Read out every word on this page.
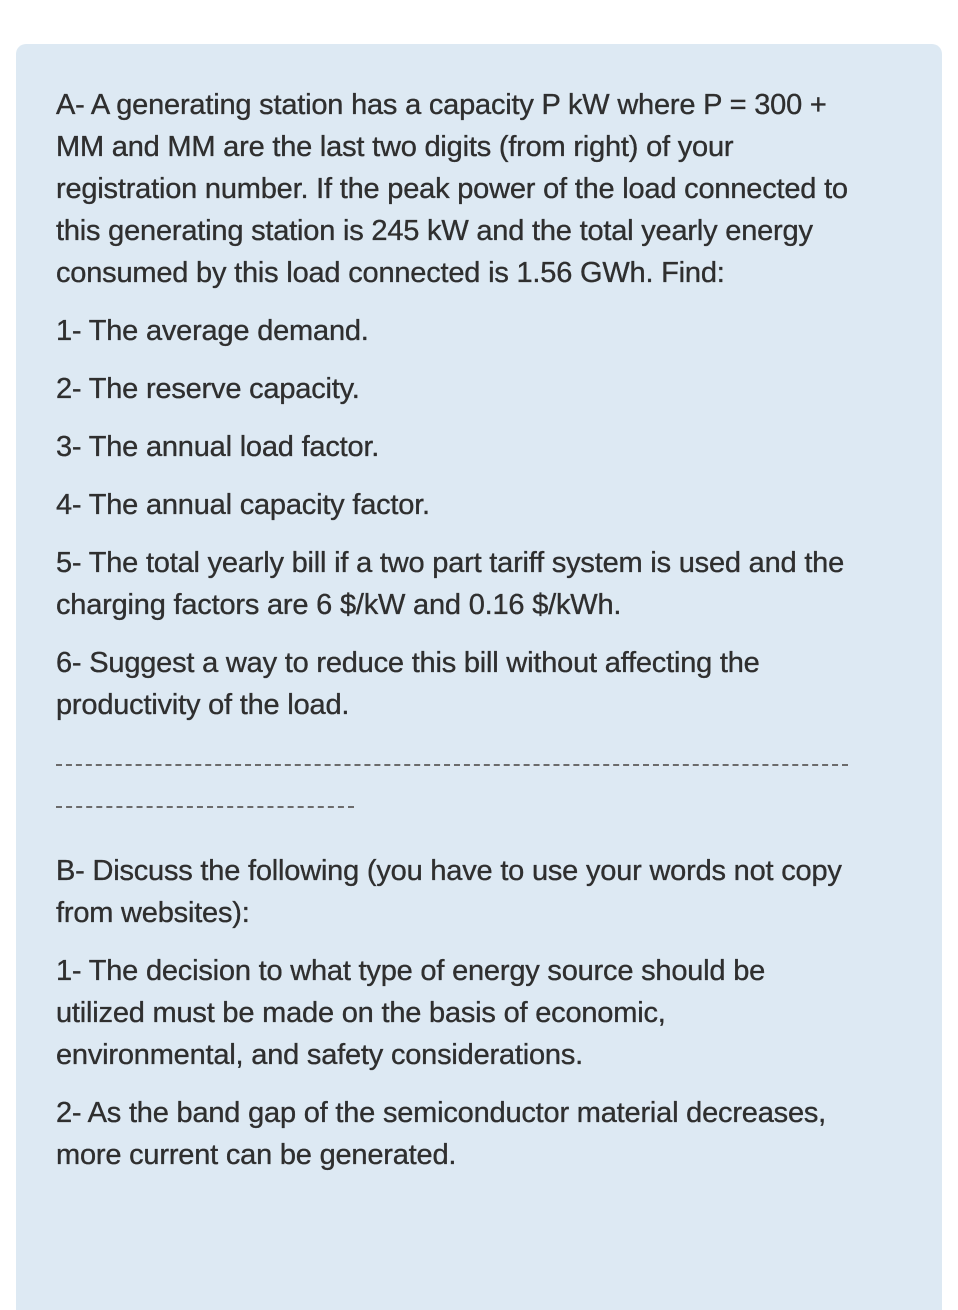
A- A generating station has a capacity P kW where P = 300 + MM and MM are the last two digits (from right) of your registration number. If the peak power of the load connected to this generating station is 245 kW and the total yearly energy consumed by this load connected is 1.56 GWh. Find:

1- The average demand.

2- The reserve capacity.

3- The annual load factor.

4- The annual capacity factor.

5- The total yearly bill if a two part tariff system is used and the charging factors are 6 $/kW and 0.16 $/kWh.

6- Suggest a way to reduce this bill without affecting the productivity of the load.

B- Discuss the following (you have to use your words not copy from websites):

1- The decision to what type of energy source should be utilized must be made on the basis of economic, environmental, and safety considerations.

2- As the band gap of the semiconductor material decreases, more current can be generated.
